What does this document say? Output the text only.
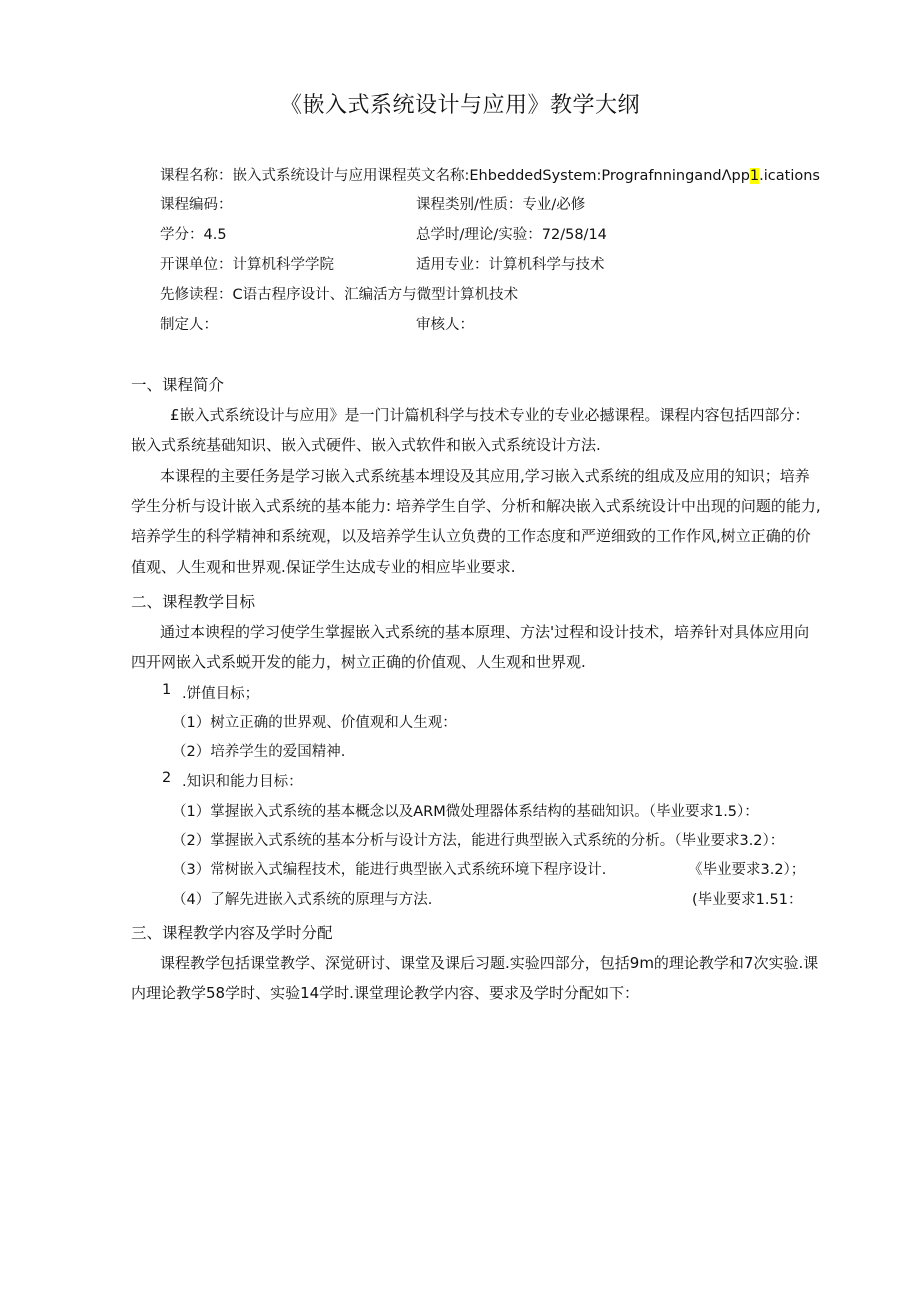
《嵌入式系统设计与应用》教学大纲
课程名称：嵌入式系统设计与应用课程英文名称:EhbeddedSystem:PrografnningandΛpp1.ications
课程编码：	课程类别/性质：专业/必修
学分：4.5	总学时/理论/实验：72/58/14
开课单位：计算机科学学院	适用专业：计算机科学与技术
先修读程：C语古程序设计、汇编活方与微型计算机技术
制定人：	审核人：
一、课程简介
£嵌入式系统设计与应用》是一门计篇机科学与技术专业的专业必撼课程。课程内容包括四部分：
嵌入式系统基础知识、嵌入式硬件、嵌入式软件和嵌入式系统设计方法.
本课程的主要任务是学习嵌入式系统基本埋设及其应用,学习嵌入式系统的组成及应用的知识；培养
学生分析与设计嵌入式系统的基本能力: 培养学生自学、分析和解决嵌入式系统设计中出现的问题的能力,
培养学生的科学精神和系统观，以及培养学生认立负费的工作态度和严逆细致的工作作风,树立正确的价
值观、人生观和世界观.保证学生达成专业的相应毕业要求.
二、课程教学目标
通过本谀程的学习使学生掌握嵌入式系统的基本原理、方法'过程和设计技术，培养针对具体应用向
四开网嵌入式系蜕开发的能力，树立正确的价值观、人生观和世界观.
1 .饼值目标；
（1）树立正确的世界观、价值观和人生观：
（2）培养学生的爱国精神.
2 .知识和能力目标：
（1）掌握嵌入式系统的基本概念以及ARM微处理器体系结构的基础知识。（毕业要求1.5）：
（2）掌握嵌入式系统的基本分析与设计方法，能进行典型嵌入式系统的分析。（毕业要求3.2）：
（3）常树嵌入式编程技术，能进行典型嵌入式系统环境下程序设计.	《毕业要求3.2）；
（4）了解先进嵌入式系统的原理与方法.	(毕业要求1.51：
三、课程教学内容及学时分配
课程教学包括课堂教学、深觉研讨、课堂及课后习题.实验四部分，包括9m的理论教学和7次实验.课
内理论教学58学时、实验14学时.课堂理论教学内容、要求及学时分配如下：
